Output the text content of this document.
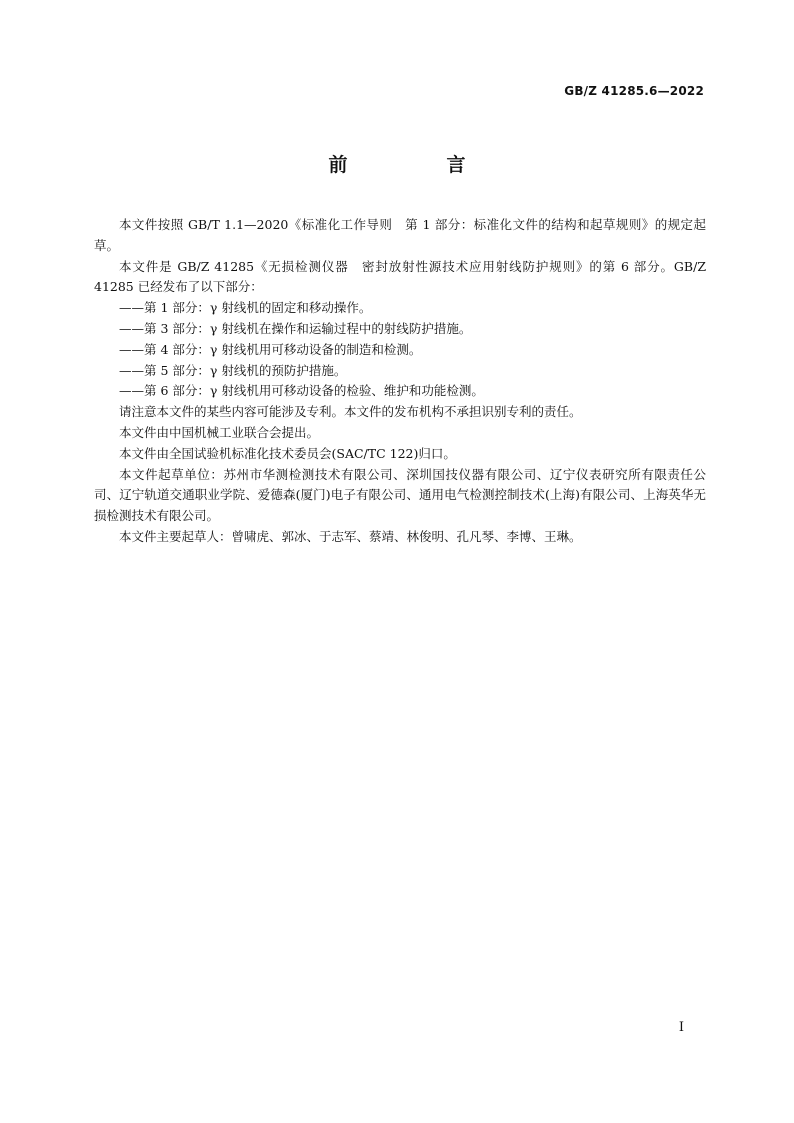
GB/Z 41285.6—2022
前　言

本文件按照 GB/T 1.1—2020《标准化工作导则　第 1 部分：标准化文件的结构和起草规则》的规定起草。

本文件是 GB/Z 41285《无损检测仪器　密封放射性源技术应用射线防护规则》的第 6 部分。GB/Z 41285 已经发布了以下部分：

——第 1 部分：γ 射线机的固定和移动操作。

——第 3 部分：γ 射线机在操作和运输过程中的射线防护措施。

——第 4 部分：γ 射线机用可移动设备的制造和检测。

——第 5 部分：γ 射线机的预防护措施。

——第 6 部分：γ 射线机用可移动设备的检验、维护和功能检测。

请注意本文件的某些内容可能涉及专利。本文件的发布机构不承担识别专利的责任。

本文件由中国机械工业联合会提出。

本文件由全国试验机标准化技术委员会(SAC/TC 122)归口。

本文件起草单位：苏州市华测检测技术有限公司、深圳国技仪器有限公司、辽宁仪表研究所有限责任公司、辽宁轨道交通职业学院、爱德森(厦门)电子有限公司、通用电气检测控制技术(上海)有限公司、上海英华无损检测技术有限公司。

本文件主要起草人：曾啸虎、郭冰、于志军、蔡靖、林俊明、孔凡琴、李博、王琳。

I
